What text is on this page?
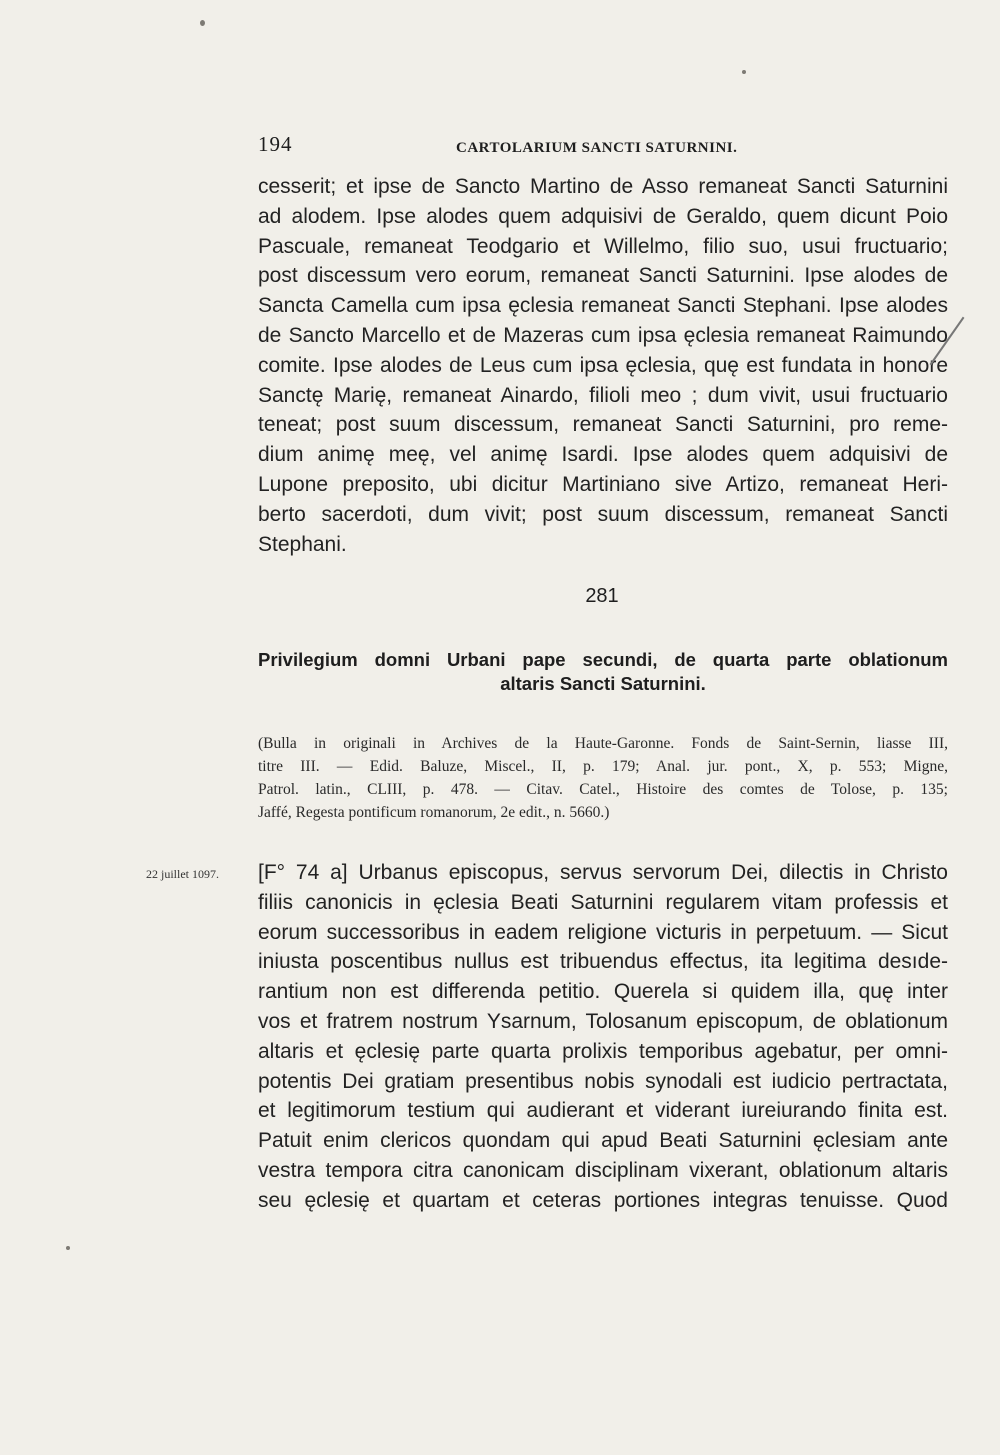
194	CARTOLARIUM SANCTI SATURNINI.
cesserit; et ipse de Sancto Martino de Asso remaneat Sancti Saturnini
ad alodem. Ipse alodes quem adquisivi de Geraldo, quem dicunt Poio
Pascuale, remaneat Teodgario et Willelmo, filio suo, usui fructuario;
post discessum vero eorum, remaneat Sancti Saturnini. Ipse alodes de
Sancta Camella cum ipsa ęclesia remaneat Sancti Stephani. Ipse alodes
de Sancto Marcello et de Mazeras cum ipsa ęclesia remaneat Raimundo
comite. Ipse alodes de Leus cum ipsa ęclesia, quę est fundata in honore
Sanctę Marię, remaneat Ainardo, filioli meo ; dum vivit, usui fructuario
teneat; post suum discessum, remaneat Sancti Saturnini, pro reme-
dium animę meę, vel animę Isardi. Ipse alodes quem adquisivi de
Lupone preposito, ubi dicitur Martiniano sive Artizo, remaneat Heri-
berto sacerdoti, dum vivit; post suum discessum, remaneat Sancti
Stephani.
281
Privilegium domni Urbani pape secundi, de quarta parte oblationum
altaris Sancti Saturnini.
(Bulla in originali in Archives de la Haute-Garonne. Fonds de Saint-Sernin, liasse III,
titre III. — Edid. Baluze, Miscel., II, p. 179; Anal. jur. pont., X, p. 553; Migne,
Patrol. latin., CLIII, p. 478. — Citav. Catel., Histoire des comtes de Tolose, p. 135;
Jaffé, Regesta pontificum romanorum, 2e edit., n. 5660.)
22 juillet 1097. [F° 74 a] Urbanus episcopus, servus servorum Dei, dilectis in Christo
filiis canonicis in ęclesia Beati Saturnini regularem vitam professis et
eorum successoribus in eadem religione victuris in perpetuum. — Sicut
iniusta poscentibus nullus est tribuendus effectus, ita legitima desıde-
rantium non est differenda petitio. Querela si quidem illa, quę inter
vos et fratrem nostrum Ysarnum, Tolosanum episcopum, de oblationum
altaris et ęclesię parte quarta prolixis temporibus agebatur, per omni-
potentis Dei gratiam presentibus nobis synodali est iudicio pertractata,
et legitimorum testium qui audierant et viderant iureiurando finita est.
Patuit enim clericos quondam qui apud Beati Saturnini ęclesiam ante
vestra tempora citra canonicam disciplinam vixerant, oblationum altaris
seu ęclesię et quartam et ceteras portiones integras tenuisse. Quod
